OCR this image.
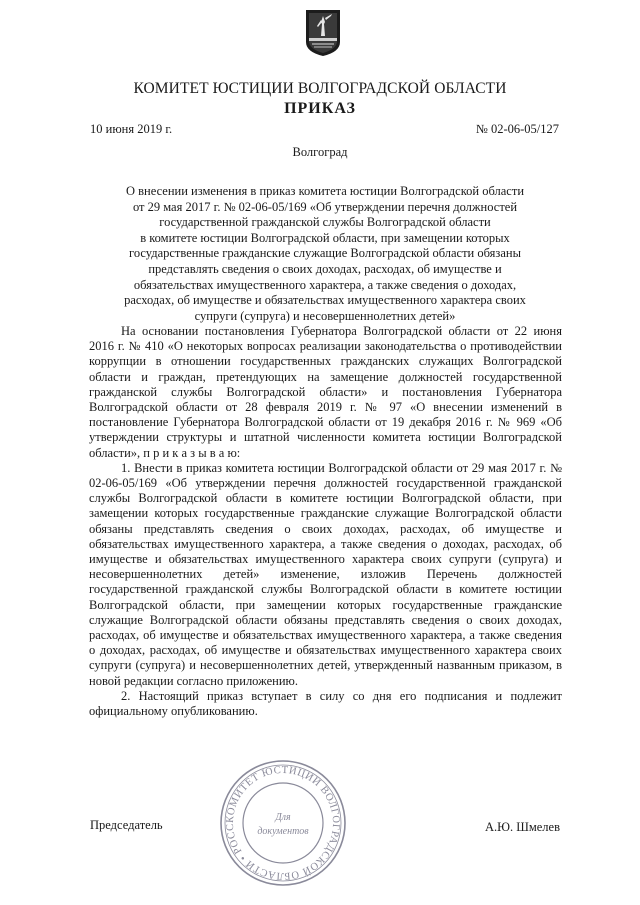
КОМИТЕТ ЮСТИЦИИ ВОЛГОГРАДСКОЙ ОБЛАСТИ
ПРИКАЗ
10 июня 2019 г.	№ 02-06-05/127
Волгоград
О внесении изменения в приказ комитета юстиции Волгоградской области
от 29 мая 2017 г. № 02-06-05/169 «Об утверждении перечня должностей
государственной гражданской службы Волгоградской области
в комитете юстиции Волгоградской области, при замещении которых
государственные гражданские служащие Волгоградской области обязаны
представлять сведения о своих доходах, расходах, об имуществе и
обязательствах имущественного характера, а также сведения о доходах,
расходах, об имуществе и обязательствах имущественного характера своих
супруги (супруга) и несовершеннолетних детей»

На основании постановления Губернатора Волгоградской области от 22 июня 2016 г. № 410 «О некоторых вопросах реализации законодательства о противодействии коррупции в отношении государственных гражданских служащих Волгоградской области и граждан, претендующих на замещение должностей государственной гражданской службы Волгоградской области» и постановления Губернатора Волгоградской области от 28 февраля 2019 г. № 97 «О внесении изменений в постановление Губернатора Волгоградской области от 19 декабря 2016 г. № 969 «Об утверждении структуры и штатной численности комитета юстиции Волгоградской области», п р и к а з ы в а ю:

1. Внести в приказ комитета юстиции Волгоградской области от 29 мая 2017 г. № 02-06-05/169 «Об утверждении перечня должностей государственной гражданской службы Волгоградской области в комитете юстиции Волгоградской области, при замещении которых государственные гражданские служащие Волгоградской области обязаны представлять сведения о своих доходах, расходах, об имуществе и обязательствах имущественного характера, а также сведения о доходах, расходах, об имуществе и обязательствах имущественного характера своих супруги (супруга) и несовершеннолетних детей» изменение, изложив Перечень должностей государственной гражданской службы Волгоградской области в комитете юстиции Волгоградской области, при замещении которых государственные гражданские служащие Волгоградской области обязаны представлять сведения о своих доходах, расходах, об имуществе и обязательствах имущественного характера, а также сведения о доходах, расходах, об имуществе и обязательствах имущественного характера своих супруги (супруга) и несовершеннолетних детей, утвержденный названным приказом, в новой редакции согласно приложению.

2. Настоящий приказ вступает в силу со дня его подписания и подлежит официальному опубликованию.

Председатель	А.Ю. Шмелев
КОМИТЕТ ЮСТИЦИИ ВОЛГОГРАДСКОЙ ОБЛАСТИ • РОСС
Для
документов
